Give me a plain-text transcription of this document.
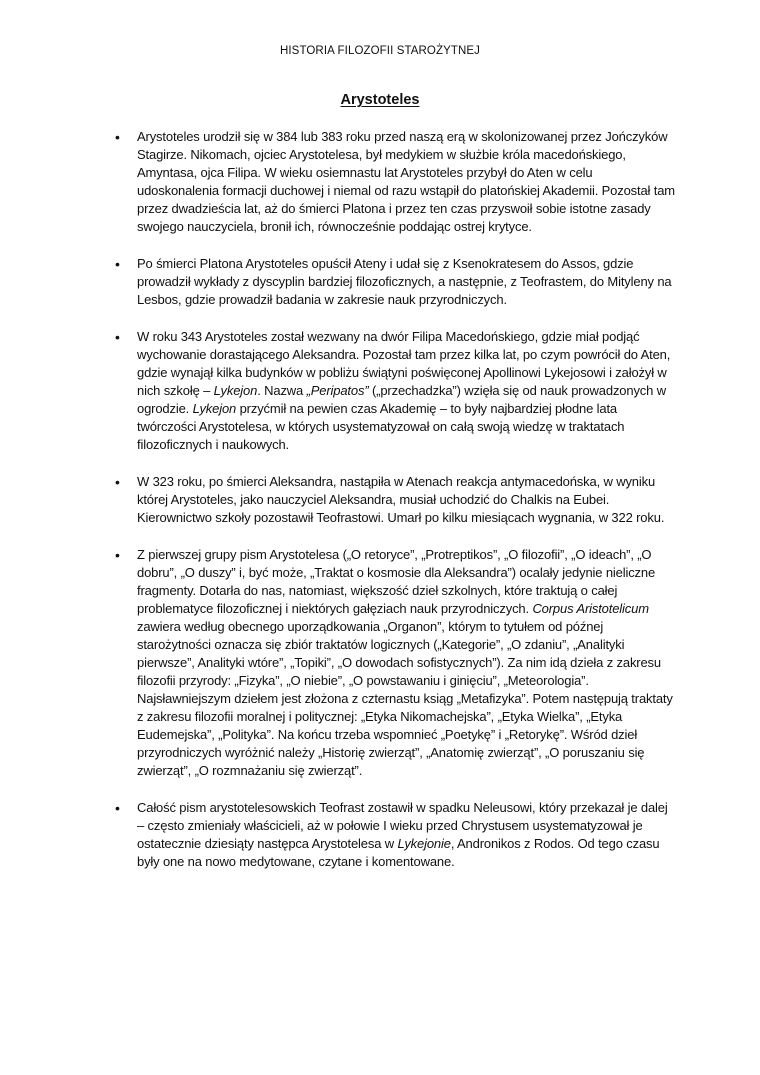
HISTORIA FILOZOFII STAROŻYTNEJ
Arystoteles
• Arystoteles urodził się w 384 lub 383 roku przed naszą erą w skolonizowanej przez Jończyków Stagirze. Nikomach, ojciec Arystotelesa, był medykiem w służbie króla macedońskiego, Amyntasa, ojca Filipa. W wieku osiemnastu lat Arystoteles przybył do Aten w celu udoskonalenia formacji duchowej i niemal od razu wstąpił do platońskiej Akademii. Pozostał tam przez dwadzieścia lat, aż do śmierci Platona i przez ten czas przyswoił sobie istotne zasady swojego nauczyciela, bronił ich, równocześnie poddając ostrej krytyce.
• Po śmierci Platona Arystoteles opuścił Ateny i udał się z Ksenokratesem do Assos, gdzie prowadził wykłady z dyscyplin bardziej filozoficznych, a następnie, z Teofrastem, do Mityleny na Lesbos, gdzie prowadził badania w zakresie nauk przyrodniczych.
• W roku 343 Arystoteles został wezwany na dwór Filipa Macedońskiego, gdzie miał podjąć wychowanie dorastającego Aleksandra. Pozostał tam przez kilka lat, po czym powrócił do Aten, gdzie wynajął kilka budynków w pobliżu świątyni poświęconej Apollinowi Lykejosowi i założył w nich szkołę – Lykejon. Nazwa „Peripatos” („przechadzka”) wzięła się od nauk prowadzonych w ogrodzie. Lykejon przyćmił na pewien czas Akademię – to były najbardziej płodne lata twórczości Arystotelesa, w których usystematyzował on całą swoją wiedzę w traktatach filozoficznych i naukowych.
• W 323 roku, po śmierci Aleksandra, nastąpiła w Atenach reakcja antymacedońska, w wyniku której Arystoteles, jako nauczyciel Aleksandra, musiał uchodzić do Chalkis na Eubei. Kierownictwo szkoły pozostawił Teofrastowi. Umarł po kilku miesiącach wygnania, w 322 roku.
• Z pierwszej grupy pism Arystotelesa („O retoryce”, „Protreptikos”, „O filozofii”, „O ideach”, „O dobru”, „O duszy” i, być może, „Traktat o kosmosie dla Aleksandra”) ocalały jedynie nieliczne fragmenty. Dotarła do nas, natomiast, większość dzieł szkolnych, które traktują o całej problematyce filozoficznej i niektórych gałęziach nauk przyrodniczych. Corpus Aristotelicum zawiera według obecnego uporządkowania „Organon”, którym to tytułem od późnej starożytności oznacza się zbiór traktatów logicznych („Kategorie”, „O zdaniu”, „Analityki pierwsze”, Analityki wtóre”, „Topiki”, „O dowodach sofistycznych”). Za nim idą dzieła z zakresu filozofii przyrody: „Fizyka”, „O niebie”, „O powstawaniu i ginięciu”, „Meteorologia”. Najsławniejszym dziełem jest złożona z czternastu ksiąg „Metafizyka”. Potem następują traktaty z zakresu filozofii moralnej i politycznej: „Etyka Nikomachejska”, „Etyka Wielka”, „Etyka Eudemejska”, „Polityka”. Na końcu trzeba wspomnieć „Poetykę” i „Retorykę”. Wśród dzieł przyrodniczych wyróżnić należy „Historię zwierząt”, „Anatomię zwierząt”, „O poruszaniu się zwierząt”, „O rozmnażaniu się zwierząt”.
• Całość pism arystotelesowskich Teofrast zostawił w spadku Neleusowi, który przekazał je dalej – często zmieniały właścicieli, aż w połowie I wieku przed Chrystusem usystematyzował je ostatecznie dziesiąty następca Arystotelesa w Lykejonie, Andronikos z Rodos. Od tego czasu były one na nowo medytowane, czytane i komentowane.
